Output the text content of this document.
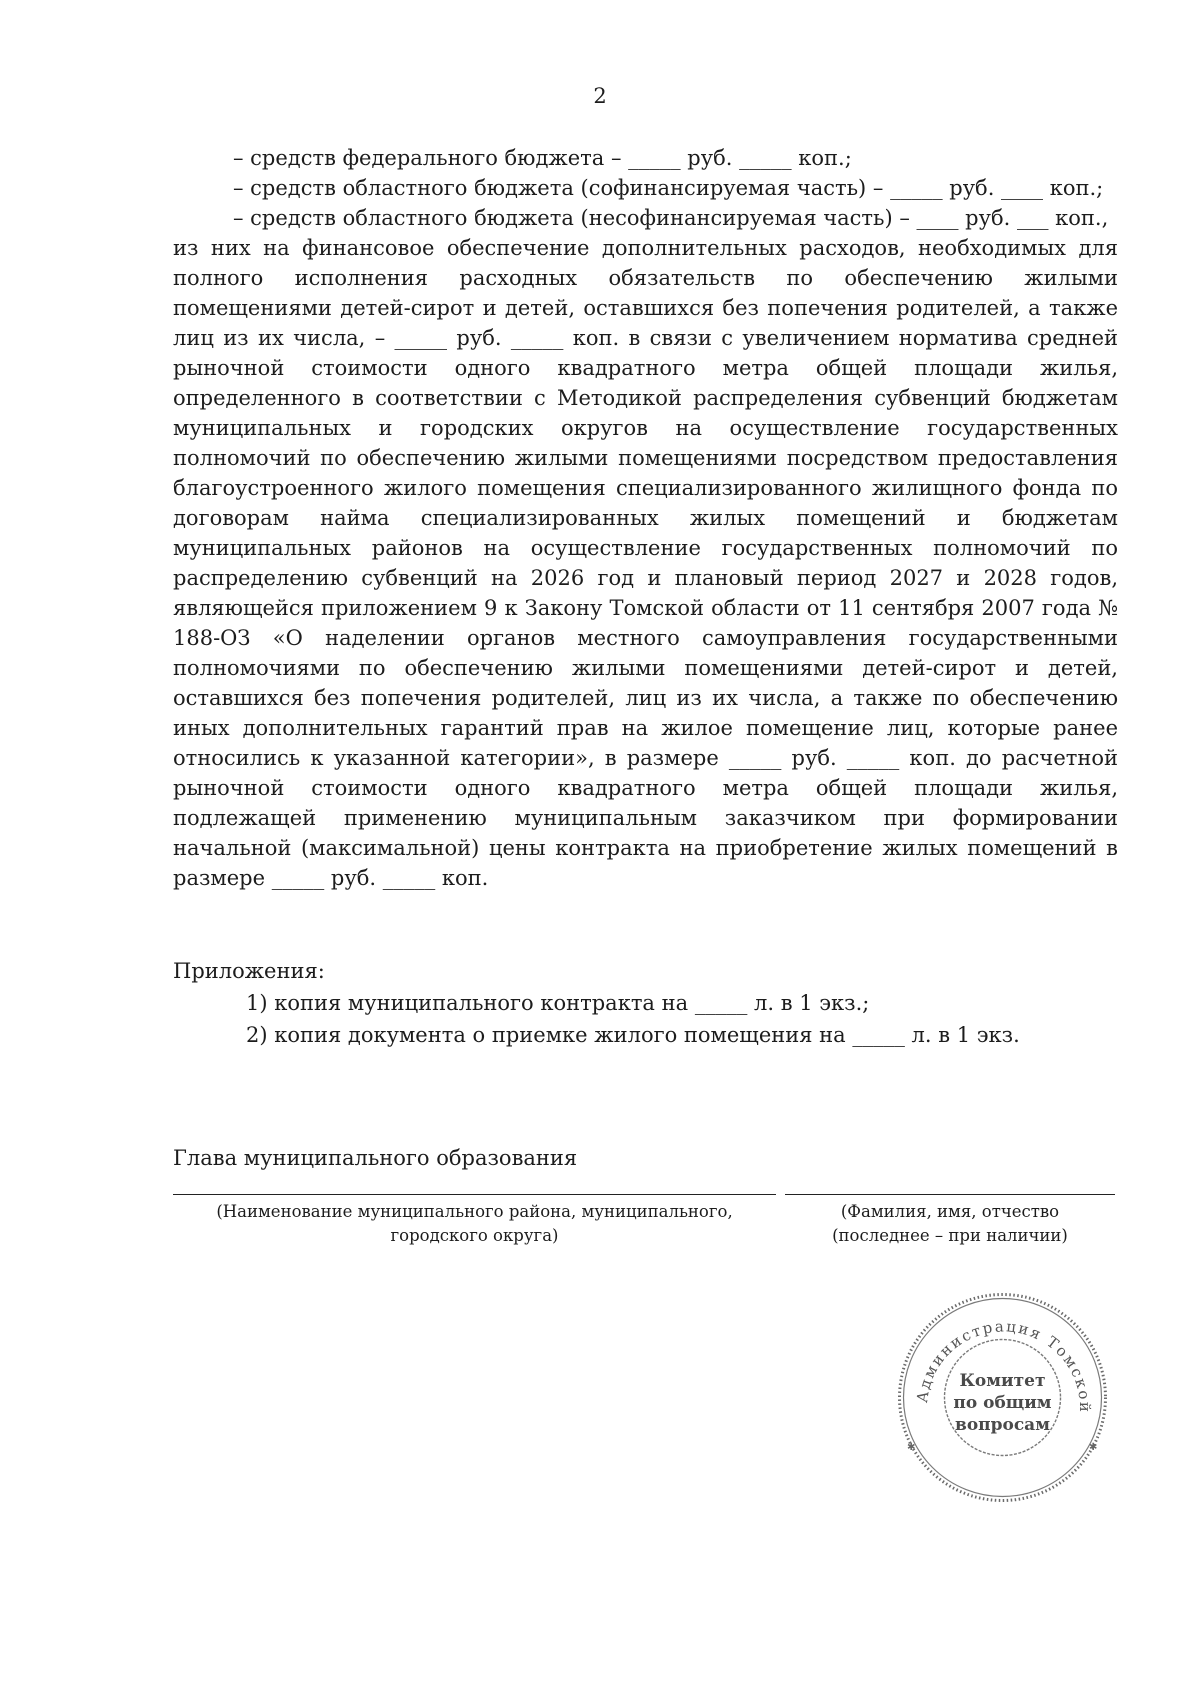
2

– средств федерального бюджета – _____ руб. _____ коп.;

– средств областного бюджета (софинансируемая часть) – _____ руб. ____ коп.;

– средств областного бюджета (несофинансируемая часть) – ____ руб. ___ коп.,

из них на финансовое обеспечение дополнительных расходов, необходимых для полного исполнения расходных обязательств по обеспечению жилыми помещениями детей-сирот и детей, оставшихся без попечения родителей, а также лиц из их числа, – _____ руб. _____ коп. в связи с увеличением норматива средней рыночной стоимости одного квадратного метра общей площади жилья, определенного в соответствии с Методикой распределения субвенций бюджетам муниципальных и городских округов на осуществление государственных полномочий по обеспечению жилыми помещениями посредством предоставления благоустроенного жилого помещения специализированного жилищного фонда по договорам найма специализированных жилых помещений и бюджетам муниципальных районов на осуществление государственных полномочий по распределению субвенций на 2026 год и плановый период 2027 и 2028 годов, являющейся приложением 9 к Закону Томской области от 11 сентября 2007 года № 188-ОЗ «О наделении органов местного самоуправления государственными полномочиями по обеспечению жилыми помещениями детей-сирот и детей, оставшихся без попечения родителей, лиц из их числа, а также по обеспечению иных дополнительных гарантий прав на жилое помещение лиц, которые ранее относились к указанной категории», в размере _____ руб. _____ коп. до расчетной рыночной стоимости одного квадратного метра общей площади жилья, подлежащей применению муниципальным заказчиком при формировании начальной (максимальной) цены контракта на приобретение жилых помещений в размере _____ руб. _____ коп.

Приложения:
1) копия муниципального контракта на _____ л. в 1 экз.;
2) копия документа о приемке жилого помещения на _____ л. в 1 экз.
Глава муниципального образования
(Наименование муниципального района, муниципального,
городского округа)
(Фамилия, имя, отчество
(последнее – при наличии)
Администрация Томской
✱	✱
Комитет
по общим
вопросам
